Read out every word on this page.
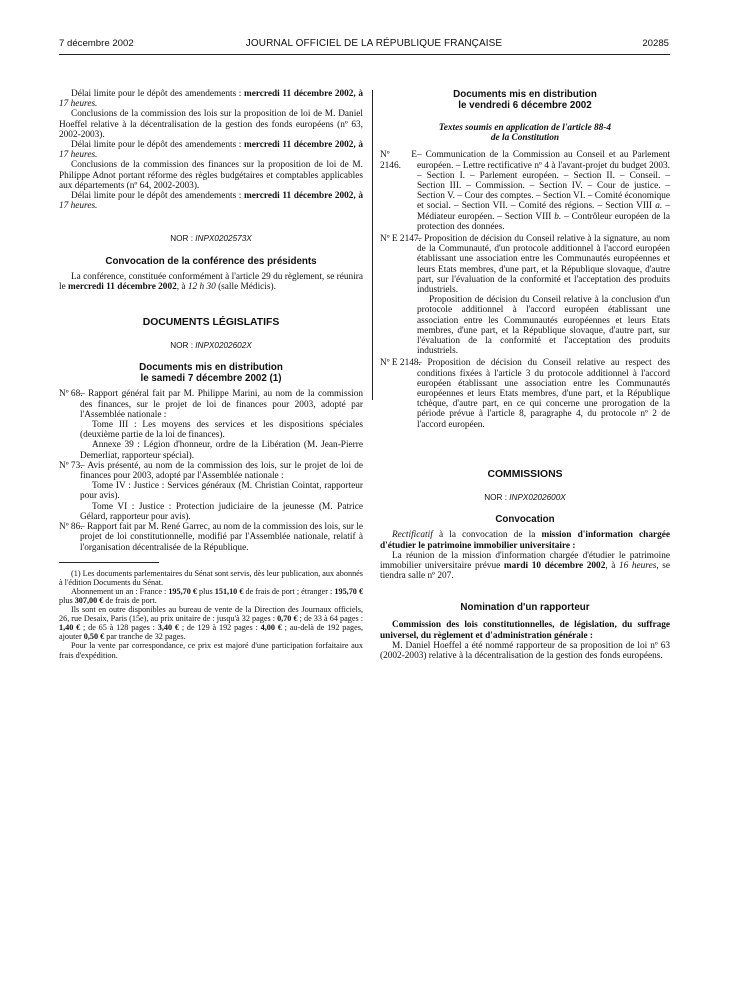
7 décembre 2002	JOURNAL OFFICIEL DE LA RÉPUBLIQUE FRANÇAISE	20285

Délai limite pour le dépôt des amendements : mercredi 11 décembre 2002, à 17 heures.

Conclusions de la commission des lois sur la proposition de loi de M. Daniel Hoeffel relative à la décentralisation de la gestion des fonds européens (nº 63, 2002-2003).

Délai limite pour le dépôt des amendements : mercredi 11 décembre 2002, à 17 heures.

Conclusions de la commission des finances sur la proposition de loi de M. Philippe Adnot portant réforme des règles budgétaires et comptables applicables aux départements (nº 64, 2002-2003).

Délai limite pour le dépôt des amendements : mercredi 11 décembre 2002, à 17 heures.

NOR : INPX0202573X

Convocation de la conférence des présidents

La conférence, constituée conformément à l'article 29 du règlement, se réunira le mercredi 11 décembre 2002, à 12 h 30 (salle Médicis).

DOCUMENTS LÉGISLATIFS

NOR : INPX0202602X

Documents mis en distribution
le samedi 7 décembre 2002 (1)

Nº 68.
– Rapport général fait par M. Philippe Marini, au nom de la commission des finances, sur le projet de loi de finances pour 2003, adopté par l'Assemblée nationale :

Tome III : Les moyens des services et les dispositions spéciales (deuxième partie de la loi de finances).

Annexe 39 : Légion d'honneur, ordre de la Libération (M. Jean-Pierre Demerliat, rapporteur spécial).

Nº 73.
– Avis présenté, au nom de la commission des lois, sur le projet de loi de finances pour 2003, adopté par l'Assemblée nationale :

Tome IV : Justice : Services généraux (M. Christian Cointat, rapporteur pour avis).

Tome VI : Justice : Protection judiciaire de la jeunesse (M. Patrice Gélard, rapporteur pour avis).

Nº 86.
– Rapport fait par M. René Garrec, au nom de la commission des lois, sur le projet de loi constitutionnelle, modifié par l'Assemblée nationale, relatif à l'organisation décentralisée de la République.

(1) Les documents parlementaires du Sénat sont servis, dès leur publication, aux abonnés à l'édition Documents du Sénat.

Abonnement un an : France : 195,70 € plus 151,10 € de frais de port ; étranger : 195,70 € plus 307,00 € de frais de port.

Ils sont en outre disponibles au bureau de vente de la Direction des Journaux officiels, 26, rue Desaix, Paris (15e), au prix unitaire de : jusqu'à 32 pages : 0,70 € ; de 33 à 64 pages : 1,40 € ; de 65 à 128 pages : 3,40 € ; de 129 à 192 pages : 4,00 € ; au-delà de 192 pages, ajouter 0,50 € par tranche de 32 pages.

Pour la vente par correspondance, ce prix est majoré d'une participation forfaitaire aux frais d'expédition.

Documents mis en distribution
le vendredi 6 décembre 2002

Textes soumis en application de l'article 88-4
de la Constitution

Nº E 2146.
– Communication de la Commission au Conseil et au Parlement européen. – Lettre rectificative nº 4 à l'avant-projet du budget 2003. – Section I. – Parlement européen. – Section II. – Conseil. – Section III. – Commission. – Section IV. – Cour de justice. – Section V. – Cour des comptes. – Section VI. – Comité économique et social. – Section VII. – Comité des régions. – Section VIII a. – Médiateur européen. – Section VIII b. – Contrôleur européen de la protection des données.
Nº E 2147.
– Proposition de décision du Conseil relative à la signature, au nom de la Communauté, d'un protocole additionnel à l'accord européen établissant une association entre les Communautés européennes et leurs Etats membres, d'une part, et la République slovaque, d'autre part, sur l'évaluation de la conformité et l'acceptation des produits industriels.

Proposition de décision du Conseil relative à la conclusion d'un protocole additionnel à l'accord européen établissant une association entre les Communautés européennes et leurs Etats membres, d'une part, et la République slovaque, d'autre part, sur l'évaluation de la conformité et l'acceptation des produits industriels.

Nº E 2148.
– Proposition de décision du Conseil relative au respect des conditions fixées à l'article 3 du protocole additionnel à l'accord européen établissant une association entre les Communautés européennes et leurs Etats membres, d'une part, et la République tchèque, d'autre part, en ce qui concerne une prorogation de la période prévue à l'article 8, paragraphe 4, du protocole nº 2 de l'accord européen.

COMMISSIONS

NOR : INPX0202600X

Convocation

Rectificatif à la convocation de la mission d'information chargée d'étudier le patrimoine immobilier universitaire :

La réunion de la mission d'information chargée d'étudier le patrimoine immobilier universitaire prévue mardi 10 décembre 2002, à 16 heures, se tiendra salle nº 207.

Nomination d'un rapporteur

Commission des lois constitutionnelles, de législation, du suffrage universel, du règlement et d'administration générale :

M. Daniel Hoeffel a été nommé rapporteur de sa proposition de loi nº 63 (2002-2003) relative à la décentralisation de la gestion des fonds européens.
